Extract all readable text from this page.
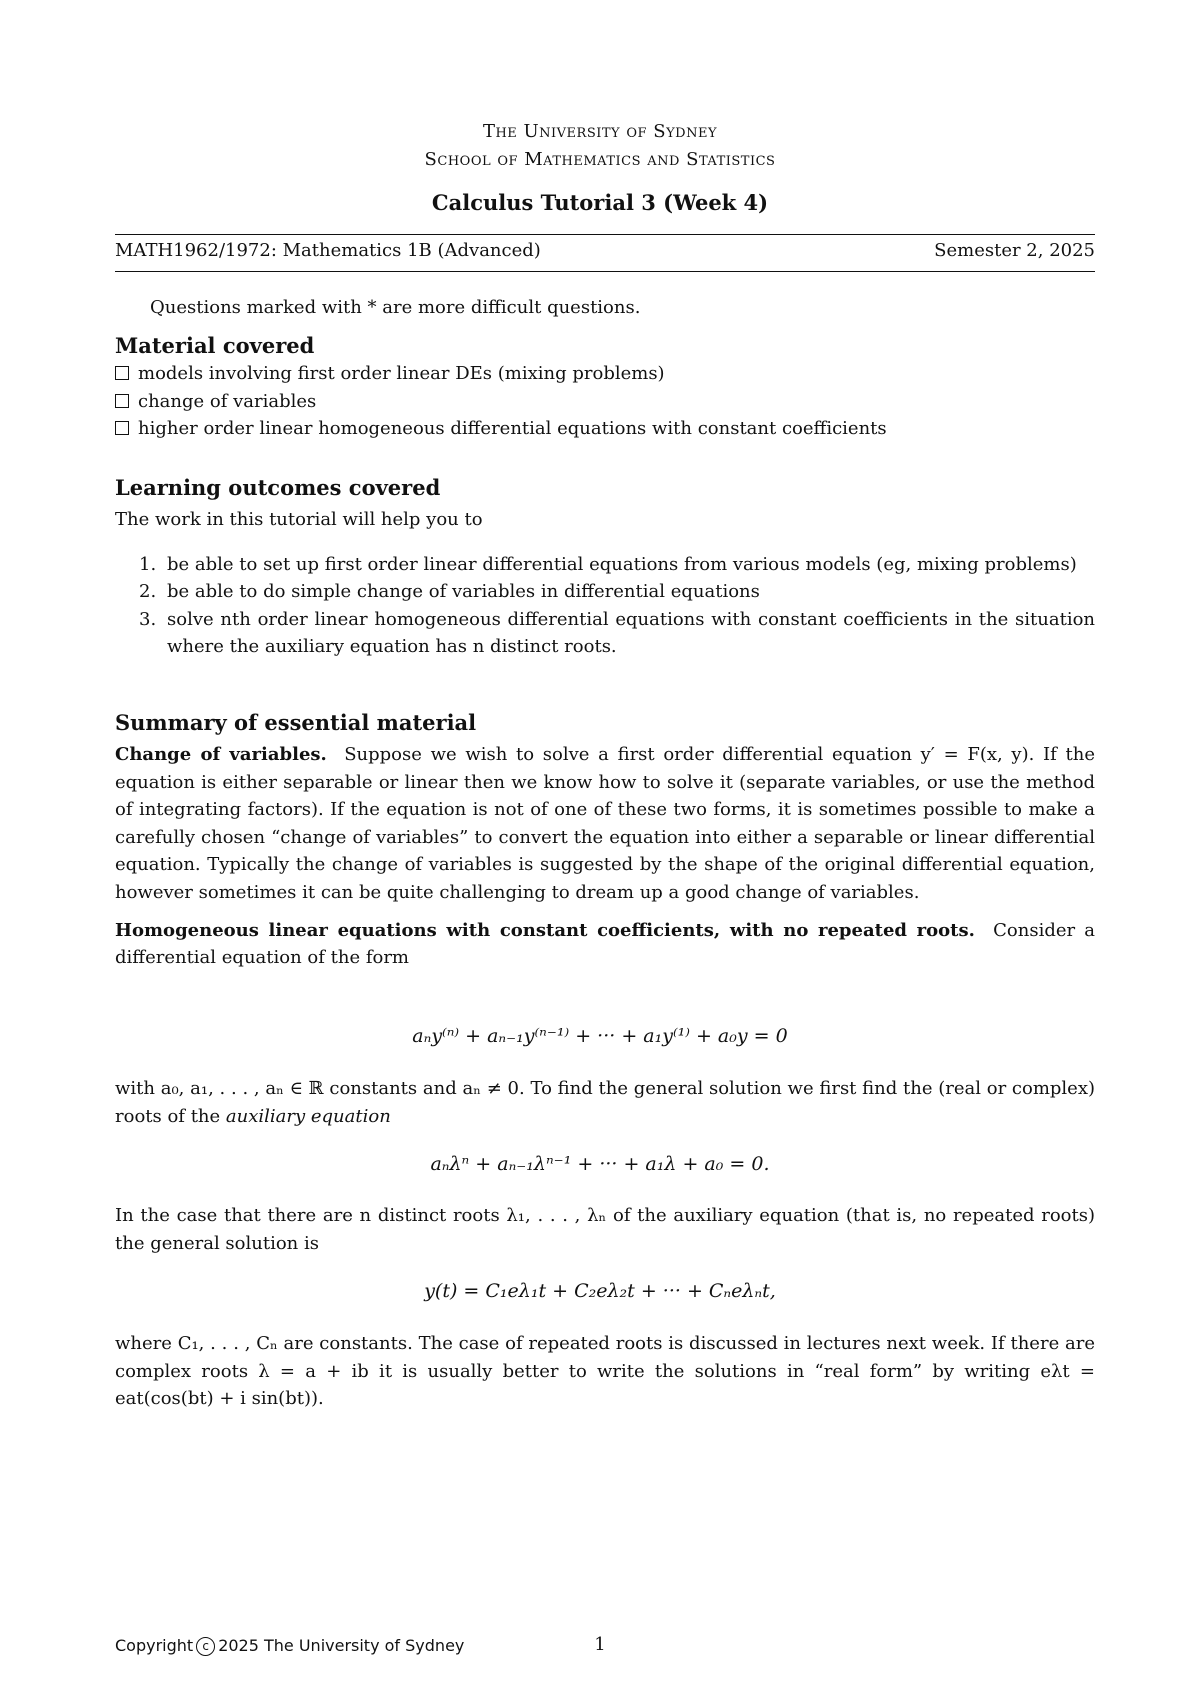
The University of Sydney
School of Mathematics and Statistics
Calculus Tutorial 3 (Week 4)
MATH1962/1972: Mathematics 1B (Advanced)	Semester 2, 2025
Questions marked with * are more difficult questions.
Material covered
models involving first order linear DEs (mixing problems)
change of variables
higher order linear homogeneous differential equations with constant coefficients
Learning outcomes covered
The work in this tutorial will help you to
1. be able to set up first order linear differential equations from various models (eg, mixing problems)
2. be able to do simple change of variables in differential equations
3. solve nth order linear homogeneous differential equations with constant coefficients in the situation where the auxiliary equation has n distinct roots.
Summary of essential material
Change of variables. Suppose we wish to solve a first order differential equation y′ = F(x, y). If the equation is either separable or linear then we know how to solve it (separate variables, or use the method of integrating factors). If the equation is not of one of these two forms, it is sometimes possible to make a carefully chosen “change of variables” to convert the equation into either a separable or linear differential equation. Typically the change of variables is suggested by the shape of the original differential equation, however sometimes it can be quite challenging to dream up a good change of variables.
Homogeneous linear equations with constant coefficients, with no repeated roots. Consider a differential equation of the form
aₙy⁽ⁿ⁾ + aₙ₋₁y⁽ⁿ⁻¹⁾ + ··· + a₁y⁽¹⁾ + a₀y = 0
with a₀, a₁, . . . , aₙ ∈ ℝ constants and aₙ ≠ 0. To find the general solution we first find the (real or complex) roots of the auxiliary equation
aₙλⁿ + aₙ₋₁λⁿ⁻¹ + ··· + a₁λ + a₀ = 0.
In the case that there are n distinct roots λ₁, . . . , λₙ of the auxiliary equation (that is, no repeated roots) the general solution is
y(t) = C₁eλ₁t + C₂eλ₂t + ··· + Cₙeλₙt,
where C₁, . . . , Cₙ are constants. The case of repeated roots is discussed in lectures next week. If there are complex roots λ = a + ib it is usually better to write the solutions in “real form” by writing eλt = eat(cos(bt) + i sin(bt)).
Copyright c 2025 The University of Sydney	1
